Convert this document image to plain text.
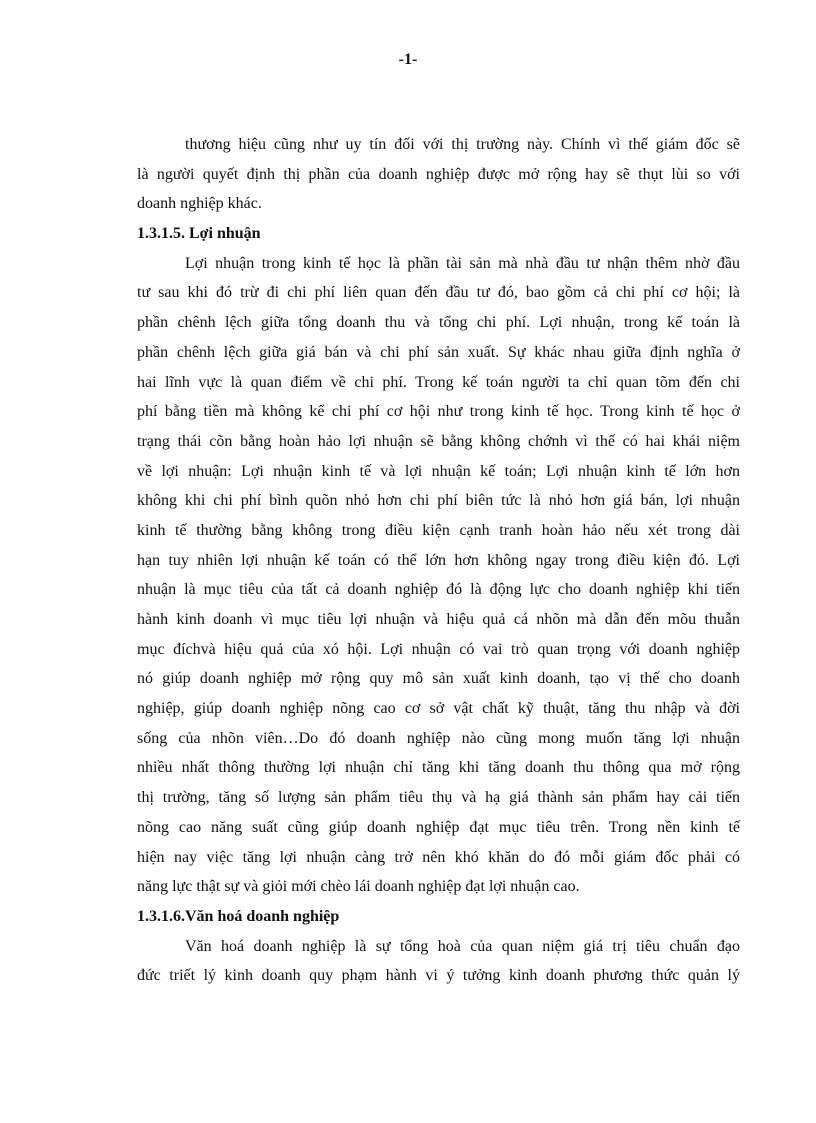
-1-
thương hiệu cũng như uy tín đối với thị trường này. Chính vì thế giám đốc sẽ
là người quyết định thị phần của doanh nghiệp được mở rộng hay sẽ thụt lùi so với
doanh nghiệp khác.
1.3.1.5. Lợi nhuận
Lợi nhuận trong kinh tế học là phần tài sản mà nhà đầu tư nhận thêm nhờ đầu
tư sau khi đó trừ đi chi phí liên quan đến đầu tư đó, bao gồm cả chi phí cơ hội; là
phần chênh lệch giữa tổng doanh thu và tổng chi phí. Lợi nhuận, trong kế toán là
phần chênh lệch giữa giá bán và chi phí sản xuất. Sự khác nhau giữa định nghĩa ở
hai lĩnh vực là quan điểm về chi phí. Trong kế toán người ta chỉ quan tõm đến chi
phí bằng tiền mà không kể chi phí cơ hội như trong kinh tế học. Trong kinh tế học ở
trạng thái cõn bằng hoàn hảo lợi nhuận sẽ bằng không chớnh vì thế có hai khái niệm
về lợi nhuận: Lợi nhuận kinh tế và lợi nhuận kế toán; Lợi nhuận kinh tế lớn hơn
không khi chi phí bình quõn nhỏ hơn chi phí biên tức là nhỏ hơn giá bán, lợi nhuận
kinh tế thường bằng không trong điều kiện cạnh tranh hoàn hảo nếu xét trong dài
hạn tuy nhiên lợi nhuận kế toán có thể lớn hơn không ngay trong điều kiện đó. Lợi
nhuận là mục tiêu của tất cả doanh nghiệp đó là động lực cho doanh nghiệp khi tiến
hành kinh doanh vì mục tiêu lợi nhuận và hiệu quả cá nhõn mà dẫn đến mõu thuẫn
mục đíchvà hiệu quả của xó hội. Lợi nhuận có vai trò quan trọng với doanh nghiệp
nó giúp doanh nghiệp mở rộng quy mô sản xuất kinh doanh, tạo vị thế cho doanh
nghiệp, giúp doanh nghiệp nõng cao cơ sở vật chất kỹ thuật, tăng thu nhập và đời
sống của nhõn viên…Do đó doanh nghiệp nào cũng mong muốn tăng lợi nhuận
nhiều nhất thông thường lợi nhuận chỉ tăng khi tăng doanh thu thông qua mở rộng
thị trường, tăng số lượng sản phẩm tiêu thụ và hạ giá thành sản phẩm hay cải tiến
nõng cao năng suất cũng giúp doanh nghiệp đạt mục tiêu trên. Trong nền kinh tế
hiện nay việc tăng lợi nhuận càng trở nên khó khăn do đó mỗi giám đốc phải có
năng lực thật sự và giỏi mới chèo lái doanh nghiệp đạt lợi nhuận cao.
1.3.1.6.Văn hoá doanh nghiệp
Văn hoá doanh nghiệp là sự tổng hoà của quan niệm giá trị tiêu chuẩn đạo
đức triết lý kinh doanh quy phạm hành vi ý tưởng kinh doanh phương thức quản lý
